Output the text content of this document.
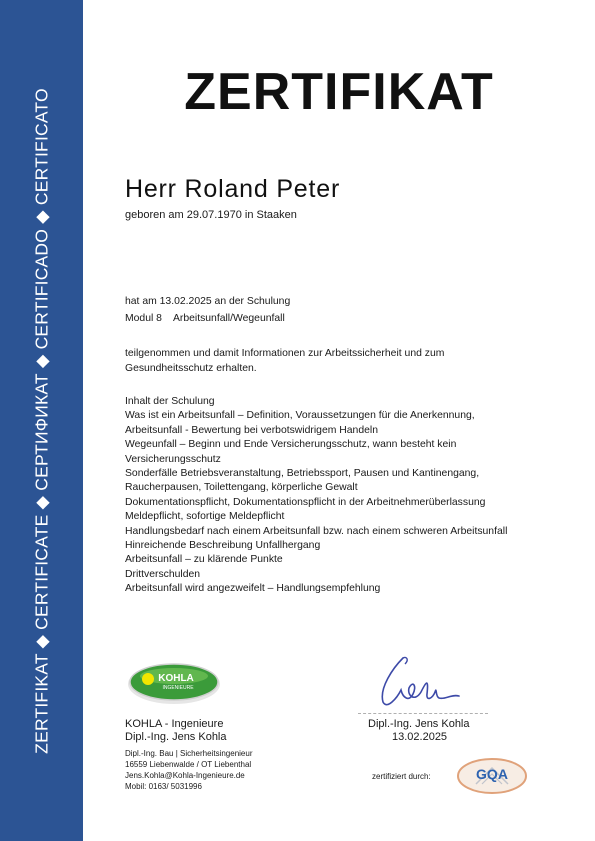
ZERTIFIKAT ◆ CERTIFICATE ◆ СЕРТИФИКАТ ◆ CERTIFICADO ◆ CERTIFICATO	ZERTIFIKAT
Herr Roland Peter
geboren am 29.07.1970 in Staaken
hat am 13.02.2025 an der Schulung
Modul 8    Arbeitsunfall/Wegeunfall
teilgenommen und damit Informationen zur Arbeitssicherheit und zum
Gesundheitsschutz erhalten.
Inhalt der Schulung
Was ist ein Arbeitsunfall – Definition, Voraussetzungen für die Anerkennung,
Arbeitsunfall - Bewertung bei verbotswidrigem Handeln
Wegeunfall – Beginn und Ende Versicherungsschutz, wann besteht kein
Versicherungsschutz
Sonderfälle Betriebsveranstaltung, Betriebssport, Pausen und Kantinengang,
Raucherpausen, Toilettengang, körperliche Gewalt
Dokumentationspflicht, Dokumentationspflicht in der Arbeitnehmerüberlassung
Meldepflicht, sofortige Meldepflicht
Handlungsbedarf nach einem Arbeitsunfall bzw. nach einem schweren Arbeitsunfall
Hinreichende Beschreibung Unfallhergang
Arbeitsunfall – zu klärende Punkte
Drittverschulden
Arbeitsunfall wird angezweifelt – Handlungsempfehlung
KOHLA
INGENIEURE
KOHLA - Ingenieure
Dipl.-Ing. Jens Kohla
Dipl.-Ing. Bau | Sicherheitsingenieur
16559 Liebenwalde / OT Liebenthal
Jens.Kohla@Kohla-Ingenieure.de
Mobil: 0163/ 5031996
Dipl.-Ing. Jens Kohla
13.02.2025
zertifiziert durch:	GQA
